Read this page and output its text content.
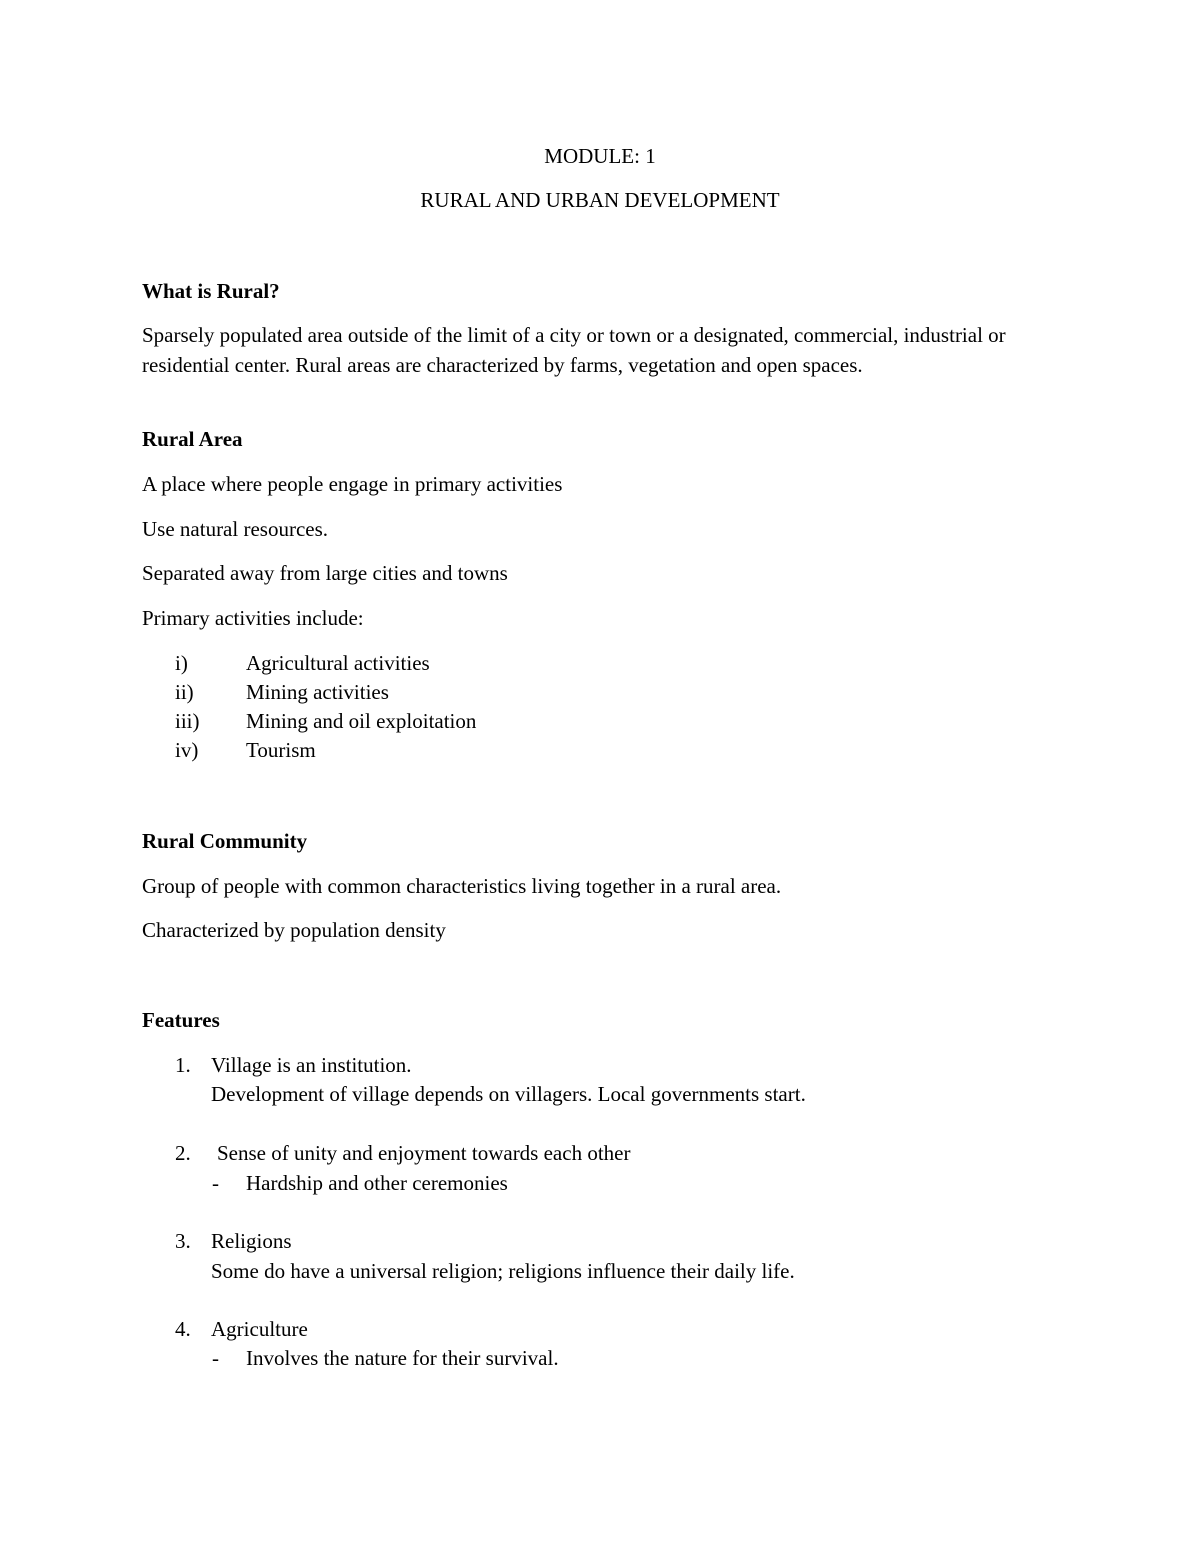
MODULE: 1

RURAL AND URBAN DEVELOPMENT

What is Rural?

Sparsely populated area outside of the limit of a city or town or a designated, commercial, industrial or residential center. Rural areas are characterized by farms, vegetation and open spaces.

Rural Area

A place where people engage in primary activities

Use natural resources.

Separated away from large cities and towns

Primary activities include:

i)	Agricultural activities

ii) Mining activities

iii) Mining and oil exploitation

iv) Tourism

Rural Community

Group of people with common characteristics living together in a rural area.

Characterized by population density

Features

1. Village is an institution.

Development of village depends on villagers. Local governments start.

2. Sense of unity and enjoyment towards each other

- Hardship and other ceremonies

3. Religions

Some do have a universal religion; religions influence their daily life.

4. Agriculture

- Involves the nature for their survival.
